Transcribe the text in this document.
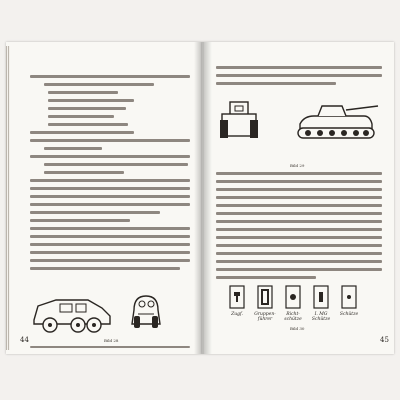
Bild 28
Bild 29
Zugf.	Gruppen-führer
Richt-schütze
I. MG Schütze
Schütze
Bild 30
45
44
